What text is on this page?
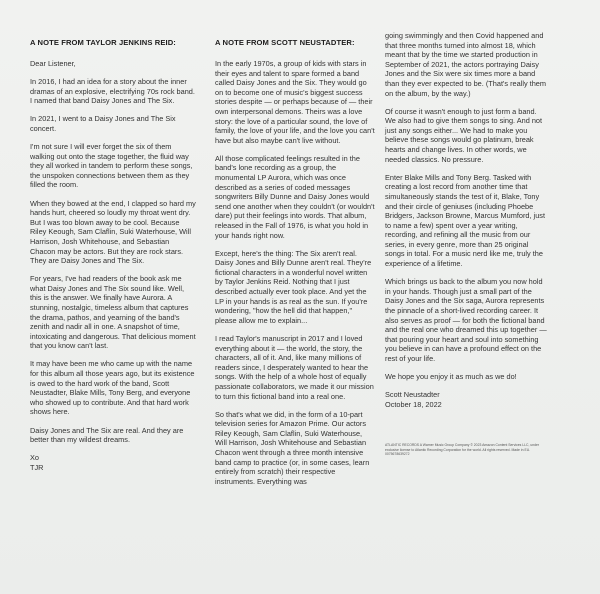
A NOTE FROM TAYLOR JENKINS REID:

Dear Listener,

In 2016, I had an idea for a story about the inner dramas of an explosive, electrifying 70s rock band. I named that band Daisy Jones and The Six.

In 2021, I went to a Daisy Jones and The Six concert.

I'm not sure I will ever forget the six of them walking out onto the stage together, the fluid way they all worked in tandem to perform these songs, the unspoken connections between them as they filled the room.

When they bowed at the end, I clapped so hard my hands hurt, cheered so loudly my throat went dry. But I was too blown away to be cool. Because Riley Keough, Sam Claflin, Suki Waterhouse, Will Harrison, Josh Whitehouse, and Sebastian Chacon may be actors. But they are rock stars. They are Daisy Jones and The Six.

For years, I've had readers of the book ask me what Daisy Jones and The Six sound like. Well, this is the answer. We finally have Aurora. A stunning, nostalgic, timeless album that captures the drama, pathos, and yearning of the band's zenith and nadir all in one. A snapshot of time, intoxicating and dangerous. That delicious moment that you know can't last.

It may have been me who came up with the name for this album all those years ago, but its existence is owed to the hard work of the band, Scott Neustadter, Blake Mills, Tony Berg, and everyone who showed up to contribute. And that hard work shows here.

Daisy Jones and The Six are real. And they are better than my wildest dreams.

Xo

TJR

A NOTE FROM SCOTT NEUSTADTER:

In the early 1970s, a group of kids with stars in their eyes and talent to spare formed a band called Daisy Jones and the Six. They would go on to become one of music's biggest success stories despite — or perhaps because of — their own interpersonal demons. Theirs was a love story: the love of a particular sound, the love of family, the love of your life, and the love you can't have but also maybe can't live without.

All those complicated feelings resulted in the band's lone recording as a group, the monumental LP Aurora, which was once described as a series of coded messages songwriters Billy Dunne and Daisy Jones would send one another when they couldn't (or wouldn't dare) put their feelings into words. That album, released in the Fall of 1976, is what you hold in your hands right now.

Except, here's the thing: The Six aren't real. Daisy Jones and Billy Dunne aren't real. They're fictional characters in a wonderful novel written by Taylor Jenkins Reid. Nothing that I just described actually ever took place. And yet the LP in your hands is as real as the sun. If you're wondering, "how the hell did that happen," please allow me to explain...

I read Taylor's manuscript in 2017 and I loved everything about it — the world, the story, the characters, all of it. And, like many millions of readers since, I desperately wanted to hear the songs. With the help of a whole host of equally passionate collaborators, we made it our mission to turn this fictional band into a real one.

So that's what we did, in the form of a 10-part television series for Amazon Prime. Our actors Riley Keough, Sam Claflin, Suki Waterhouse, Will Harrison, Josh Whitehouse and Sebastian Chacon went through a three month intensive band camp to practice (or, in some cases, learn entirely from scratch) their respective instruments. Everything was

going swimmingly and then Covid happened and that three months turned into almost 18, which meant that by the time we started production in September of 2021, the actors portraying Daisy Jones and the Six were six times more a band than they ever expected to be. (That's really them on the album, by the way.)

Of course it wasn't enough to just form a band. We also had to give them songs to sing. And not just any songs either... We had to make you believe these songs would go platinum, break hearts and change lives. In other words, we needed classics. No pressure.

Enter Blake Mills and Tony Berg. Tasked with creating a lost record from another time that simultaneously stands the test of it, Blake, Tony and their circle of geniuses (including Phoebe Bridgers, Jackson Browne, Marcus Mumford, just to name a few) spent over a year writing, recording, and refining all the music from our series, in every genre, more than 25 original songs in total. For a music nerd like me, truly the experience of a lifetime.

Which brings us back to the album you now hold in your hands. Though just a small part of the Daisy Jones and the Six saga, Aurora represents the pinnacle of a short-lived recording career. It also serves as proof — for both the fictional band and the real one who dreamed this up together — that pouring your heart and soul into something you believe in can have a profound effect on the rest of your life.

We hope you enjoy it as much as we do!

Scott Neustadter

October 18, 2022

ATLANTIC RECORDS A Warner Music Group Company © 2023 Amazon Content Services LLC, under exclusive license to Atlantic Recording Corporation for the world. All rights reserved. Made in EU. 0075678639272
